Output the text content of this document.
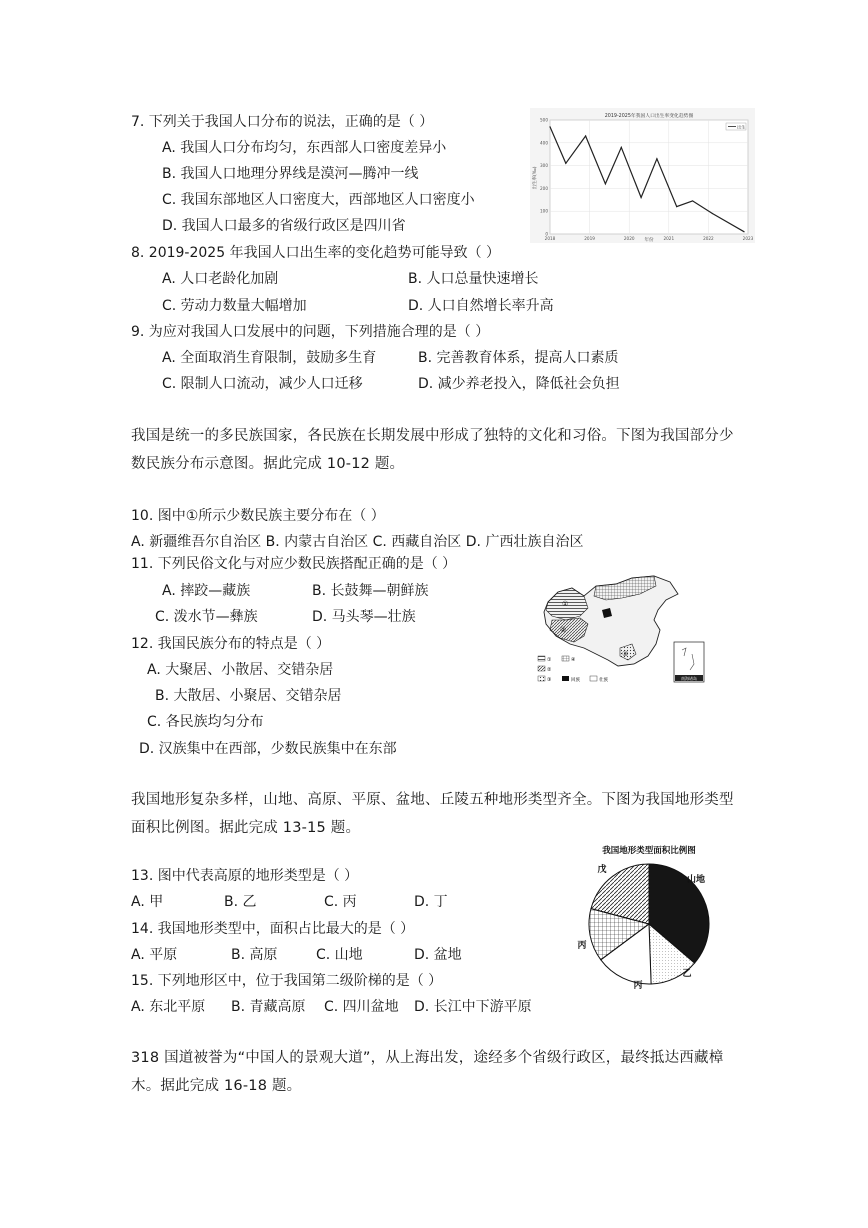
7. 下列关于我国人口分布的说法，正确的是（ ）
A. 我国人口分布均匀，东西部人口密度差异小
B. 我国人口地理分界线是漠河—腾冲一线
C. 我国东部地区人口密度大，西部地区人口密度小
D. 我国人口最多的省级行政区是四川省
8. 2019-2025 年我国人口出生率的变化趋势可能导致（ ）
A. 人口老龄化加剧	B. 人口总量快速增长
C. 劳动力数量大幅增加	D. 人口自然增长率升高
9. 为应对我国人口发展中的问题，下列措施合理的是（ ）
A. 全面取消生育限制，鼓励多生育	B. 完善教育体系，提高人口素质
C. 限制人口流动，减少人口迁移	D. 减少养老投入，降低社会负担
我国是统一的多民族国家，各民族在长期发展中形成了独特的文化和习俗。下图为我国部分少数民族分布示意图。据此完成 10-12 题。
10. 图中①所示少数民族主要分布在（ ）
A. 新疆维吾尔自治区 B. 内蒙古自治区 C. 西藏自治区 D. 广西壮族自治区
11. 下列民俗文化与对应少数民族搭配正确的是（ ）
A. 摔跤—藏族	B. 长鼓舞—朝鲜族
C. 泼水节—彝族	D. 马头琴—壮族
12. 我国民族分布的特点是（ ）
A. 大聚居、小散居、交错杂居
B. 大散居、小聚居、交错杂居
C. 各民族均匀分布
D. 汉族集中在西部，少数民族集中在东部
我国地形复杂多样，山地、高原、平原、盆地、丘陵五种地形类型齐全。下图为我国地形类型面积比例图。据此完成 13-15 题。
13. 图中代表高原的地形类型是（ ）
A. 甲	B. 乙	C. 丙	D. 丁
14. 我国地形类型中，面积占比最大的是（ ）
A. 平原	B. 高原	C. 山地	D. 盆地
15. 下列地形区中，位于我国第二级阶梯的是（ ）
A. 东北平原 B. 青藏高原 C. 四川盆地 D. 长江中下游平原
318 国道被誉为“中国人的景观大道”，从上海出发，途经多个省级行政区，最终抵达西藏樟木。据此完成 16-18 题。
2019-2025年我国人口出生率变化趋势图
出生
出生率(‰)
年份
0
100
200
300
400
500
2018	2019	2020	2021	2022	2023
①
②
③
①	④
②
③	回族	壮族	南海诸岛
我国地形类型面积比例图
山地
乙
丙
丙
戊
